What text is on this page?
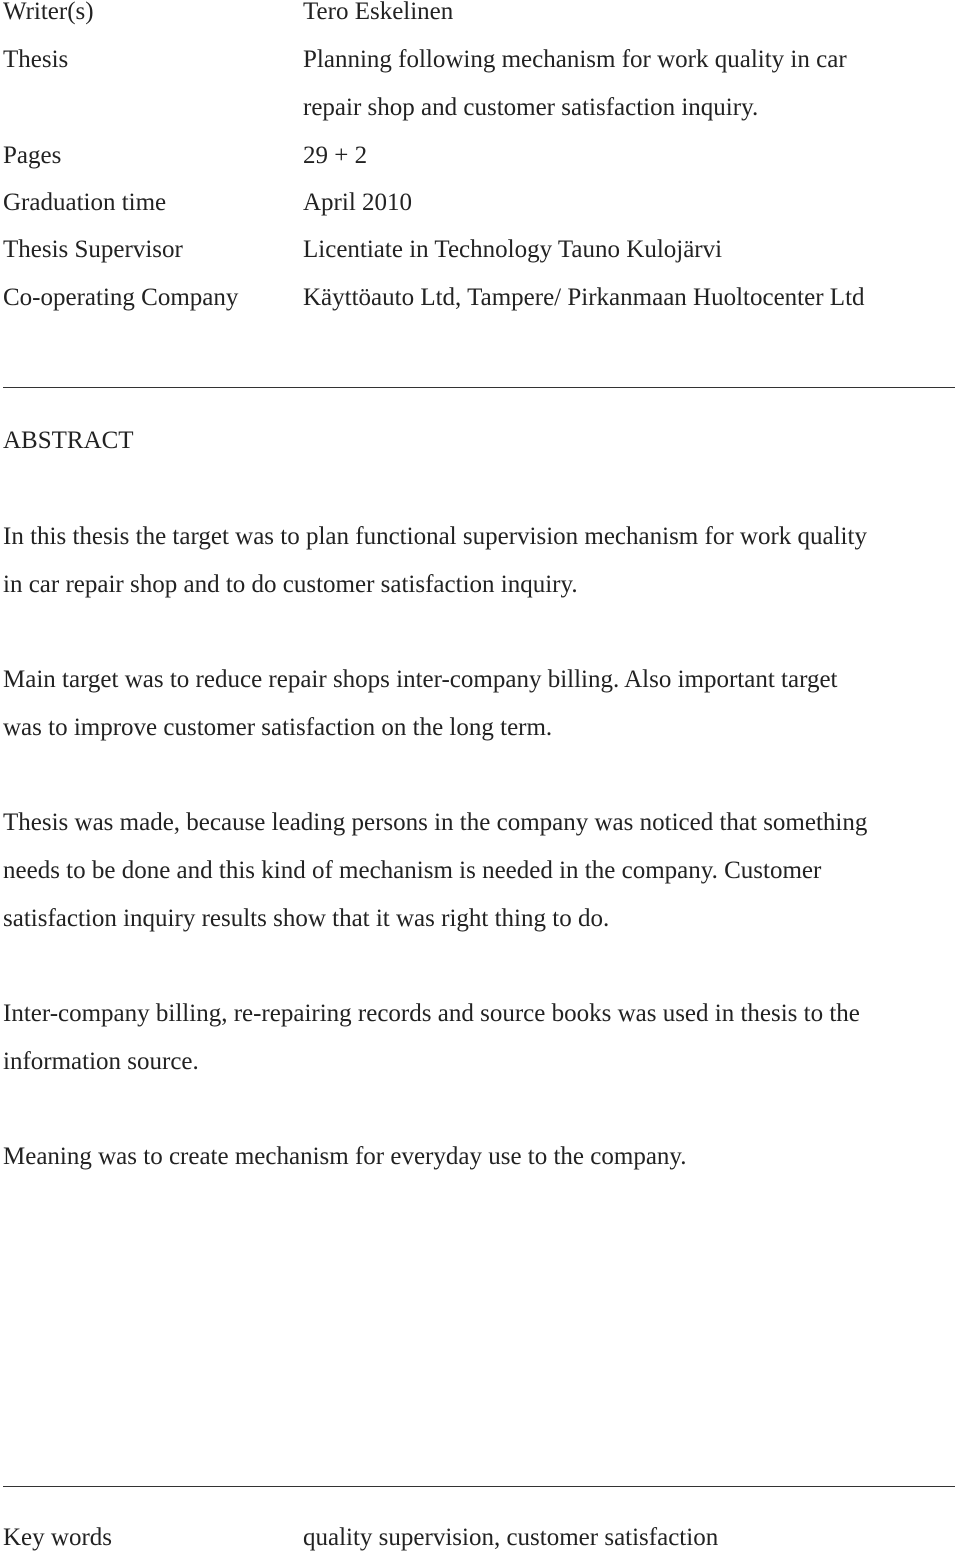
Writer(s)	Tero Eskelinen
Thesis	Planning following mechanism for work quality in car
repair shop and customer satisfaction inquiry.
Pages	29 + 2
Graduation time	April 2010
Thesis Supervisor	Licentiate in Technology Tauno Kulojärvi
Co-operating Company	Käyttöauto Ltd, Tampere/ Pirkanmaan Huoltocenter Ltd
ABSTRACT
In this thesis the target was to plan functional supervision mechanism for work quality
in car repair shop and to do customer satisfaction inquiry.
Main target was to reduce repair shops inter-company billing. Also important target
was to improve customer satisfaction on the long term.
Thesis was made, because leading persons in the company was noticed that something
needs to be done and this kind of mechanism is needed in the company. Customer
satisfaction inquiry results show that it was right thing to do.
Inter-company billing, re-repairing records and source books was used in thesis to the
information source.
Meaning was to create mechanism for everyday use to the company.
Key words	quality supervision, customer satisfaction
